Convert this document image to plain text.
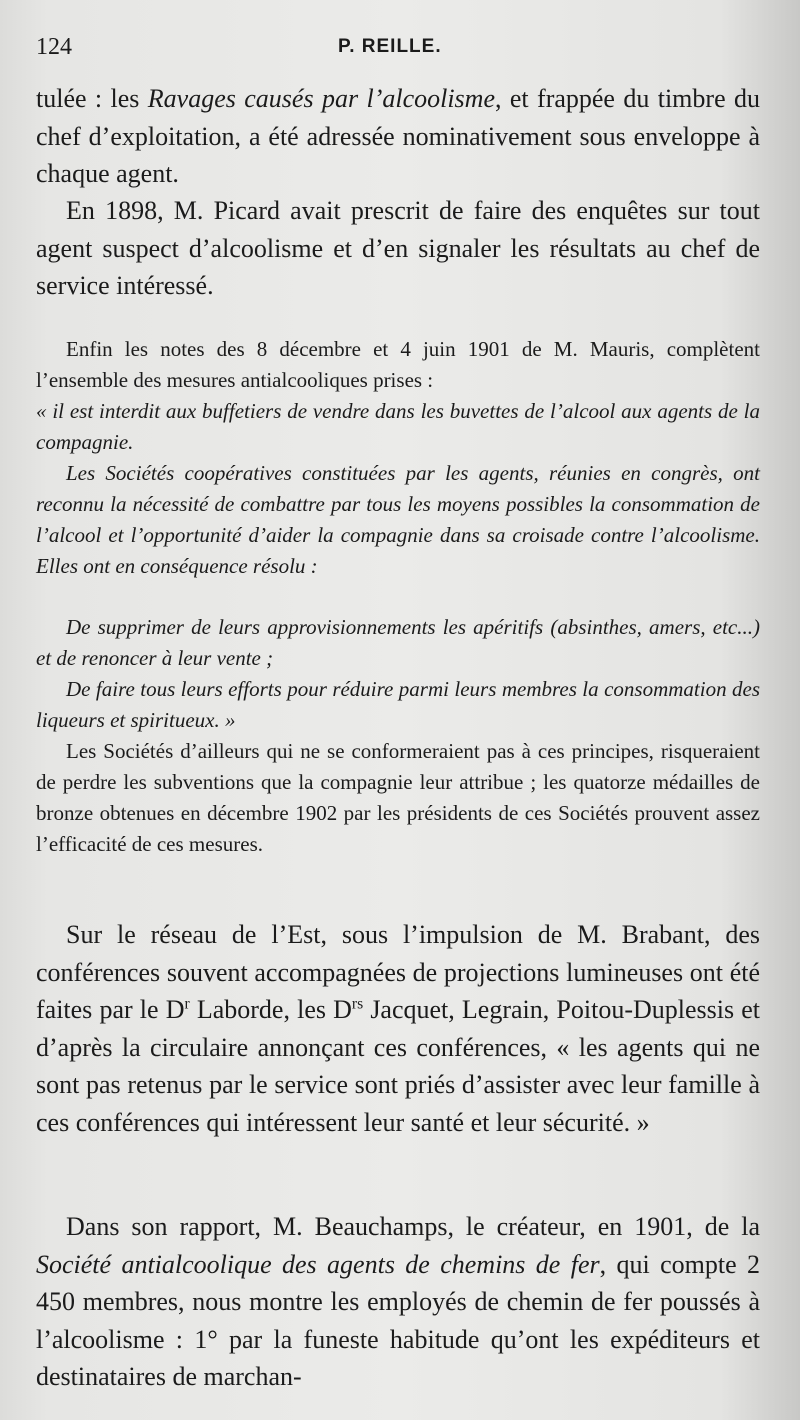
124	P. REILLE.

tulée : les Ravages causés par l’alcoolisme, et frappée du timbre du chef d’exploitation, a été adressée nominativement sous enveloppe à chaque agent.

En 1898, M. Picard avait prescrit de faire des enquêtes sur tout agent suspect d’alcoolisme et d’en signaler les résultats au chef de service intéressé.

Enfin les notes des 8 décembre et 4 juin 1901 de M. Mauris, complètent l’ensemble des mesures antialcooliques prises :

« il est interdit aux buffetiers de vendre dans les buvettes de l’alcool aux agents de la compagnie.

Les Sociétés coopératives constituées par les agents, réunies en congrès, ont reconnu la nécessité de combattre par tous les moyens possibles la consommation de l’alcool et l’opportunité d’aider la compagnie dans sa croisade contre l’alcoolisme. Elles ont en conséquence résolu :

De supprimer de leurs approvisionnements les apéritifs (absinthes, amers, etc...) et de renoncer à leur vente ;

De faire tous leurs efforts pour réduire parmi leurs membres la consommation des liqueurs et spiritueux. »

Les Sociétés d’ailleurs qui ne se conformeraient pas à ces principes, risqueraient de perdre les subventions que la compagnie leur attribue ; les quatorze médailles de bronze obtenues en décembre 1902 par les présidents de ces Sociétés prouvent assez l’efficacité de ces mesures.

Sur le réseau de l’Est, sous l’impulsion de M. Brabant, des conférences souvent accompagnées de projections lumineuses ont été faites par le $D^r$ Laborde, les $D^{rs}$ Jacquet, Legrain, Poitou-Duplessis et d’après la circulaire annonçant ces conférences, « les agents qui ne sont pas retenus par le service sont priés d’assister avec leur famille à ces conférences qui intéressent leur santé et leur sécurité. »

Dans son rapport, M. Beauchamps, le créateur, en 1901, de la Société antialcoolique des agents de chemins de fer, qui compte 2 450 membres, nous montre les employés de chemin de fer poussés à l’alcoolisme : 1° par la funeste habitude qu’ont les expéditeurs et destinataires de marchan-
